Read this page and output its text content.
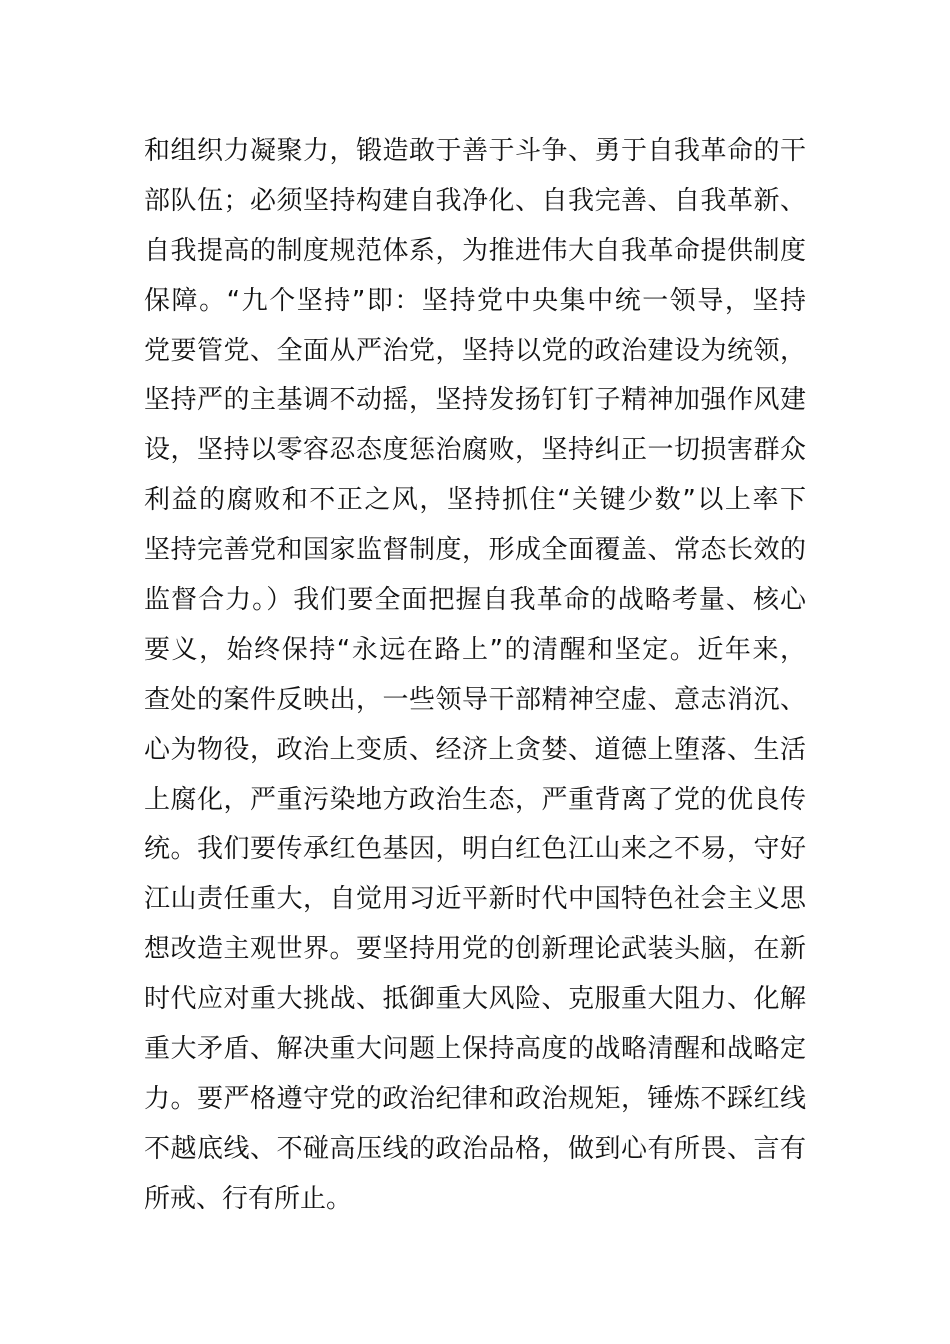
和组织力凝聚力，锻造敢于善于斗争、勇于自我革命的干
部队伍；必须坚持构建自我净化、自我完善、自我革新、
自我提高的制度规范体系，为推进伟大自我革命提供制度
保障。“九个坚持”即：坚持党中央集中统一领导，坚持
党要管党、全面从严治党，坚持以党的政治建设为统领，
坚持严的主基调不动摇，坚持发扬钉钉子精神加强作风建
设，坚持以零容忍态度惩治腐败，坚持纠正一切损害群众
利益的腐败和不正之风，坚持抓住“关键少数”以上率下
坚持完善党和国家监督制度，形成全面覆盖、常态长效的
监督合力。）我们要全面把握自我革命的战略考量、核心
要义，始终保持“永远在路上”的清醒和坚定。近年来，
查处的案件反映出，一些领导干部精神空虚、意志消沉、
心为物役，政治上变质、经济上贪婪、道德上堕落、生活
上腐化，严重污染地方政治生态，严重背离了党的优良传
统。我们要传承红色基因，明白红色江山来之不易，守好
江山责任重大，自觉用习近平新时代中国特色社会主义思
想改造主观世界。要坚持用党的创新理论武装头脑，在新
时代应对重大挑战、抵御重大风险、克服重大阻力、化解
重大矛盾、解决重大问题上保持高度的战略清醒和战略定
力。要严格遵守党的政治纪律和政治规矩，锤炼不踩红线
不越底线、不碰高压线的政治品格，做到心有所畏、言有
所戒、行有所止。
